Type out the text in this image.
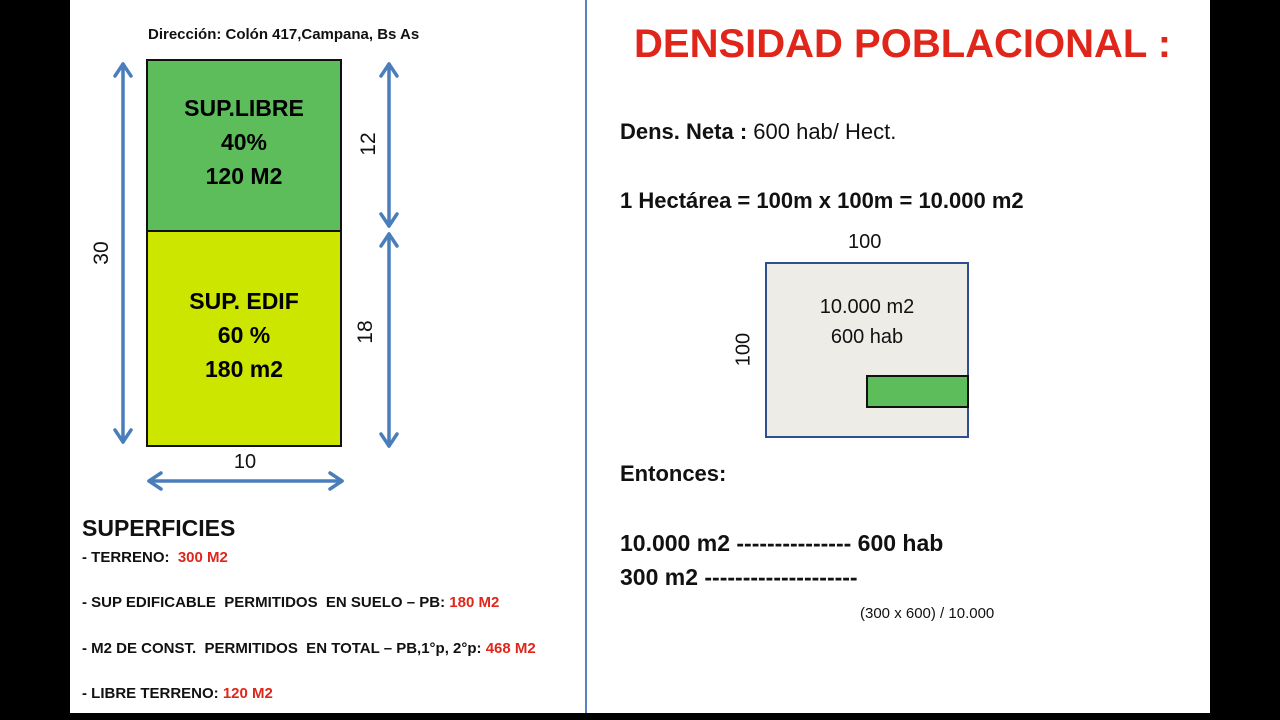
Dirección: Colón 417,Campana, Bs As
SUP.LIBRE
40%
120 M2
SUP. EDIF
60 %
180 m2
30
12
18
10
SUPERFICIES
- TERRENO:  300 M2
- SUP EDIFICABLE  PERMITIDOS  EN SUELO – PB: 180 M2
- M2 DE CONST.  PERMITIDOS  EN TOTAL – PB,1°p, 2°p: 468 M2
- LIBRE TERRENO: 120 M2
DENSIDAD POBLACIONAL :
Dens. Neta : 600 hab/ Hect.
1 Hectárea = 100m x 100m = 10.000 m2
100
100
10.000 m2
600 hab
Entonces:
10.000 m2 --------------- 600 hab
300 m2 --------------------
(300 x 600) / 10.000
